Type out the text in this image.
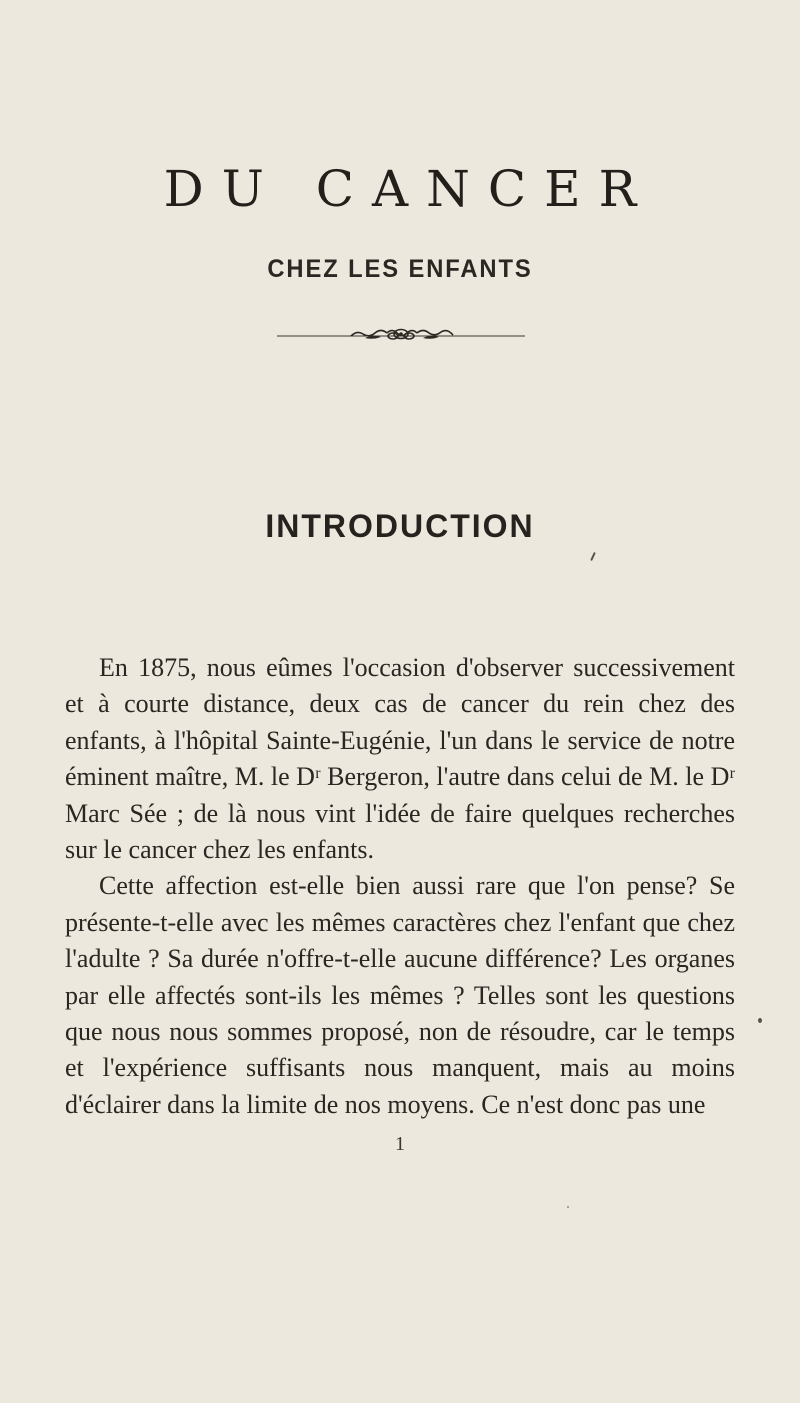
DU CANCER
CHEZ LES ENFANTS
INTRODUCTION

En 1875, nous eûmes l'occasion d'observer successivement et à courte distance, deux cas de cancer du rein chez des enfants, à l'hôpital Sainte-Eugénie, l'un dans le service de notre éminent maître, M. le Dʳ Bergeron, l'autre dans celui de M. le Dʳ Marc Sée ; de là nous vint l'idée de faire quelques recherches sur le cancer chez les enfants.

Cette affection est-elle bien aussi rare que l'on pense? Se présente-t-elle avec les mêmes caractères chez l'enfant que chez l'adulte ? Sa durée n'offre-t-elle aucune différence? Les organes par elle affectés sont-ils les mêmes ? Telles sont les questions que nous nous sommes proposé, non de résoudre, car le temps et l'expérience suffisants nous manquent, mais au moins d'éclairer dans la limite de nos moyens. Ce n'est donc pas une

1
